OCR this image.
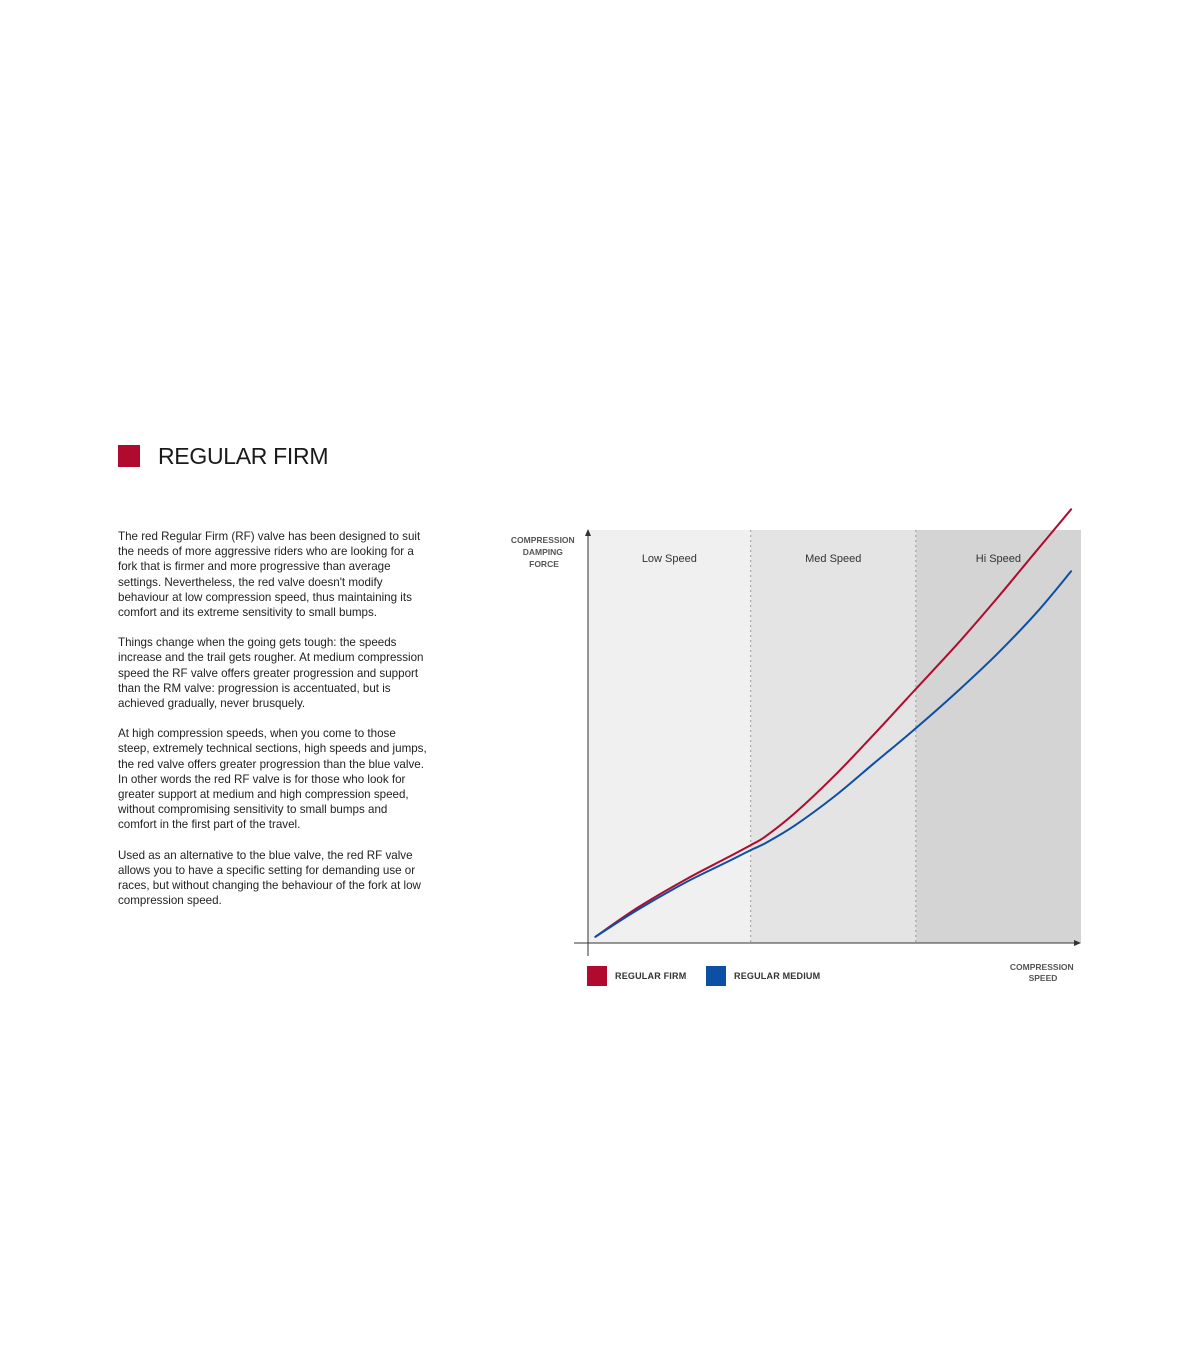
REGULAR FIRM

The red Regular Firm (RF) valve has been designed to suit the needs of more aggressive riders who are looking for a fork that is firmer and more progressive than average settings. Nevertheless, the red valve doesn't modify behaviour at low compression speed, thus maintaining its comfort and its extreme sensitivity to small bumps.

Things change when the going gets tough: the speeds increase and the trail gets rougher. At medium compression speed the RF valve offers greater progression and support than the RM valve: progression is accentuated, but is achieved gradually, never brusquely.

At high compression speeds, when you come to those steep, extremely technical sections, high speeds and jumps, the red valve offers greater progression than the blue valve. In other words the red RF valve is for those who look for greater support at medium and high compression speed, without compromising sensitivity to small bumps and comfort in the first part of the travel.

Used as an alternative to the blue valve, the red RF valve allows you to have a specific setting for demanding use or races, but without changing the behaviour of the fork at low compression speed.

Low Speed	Med Speed	Hi Speed
COMPRESSION DAMPING FORCE
COMPRESSION SPEED
REGULAR FIRM	REGULAR MEDIUM
